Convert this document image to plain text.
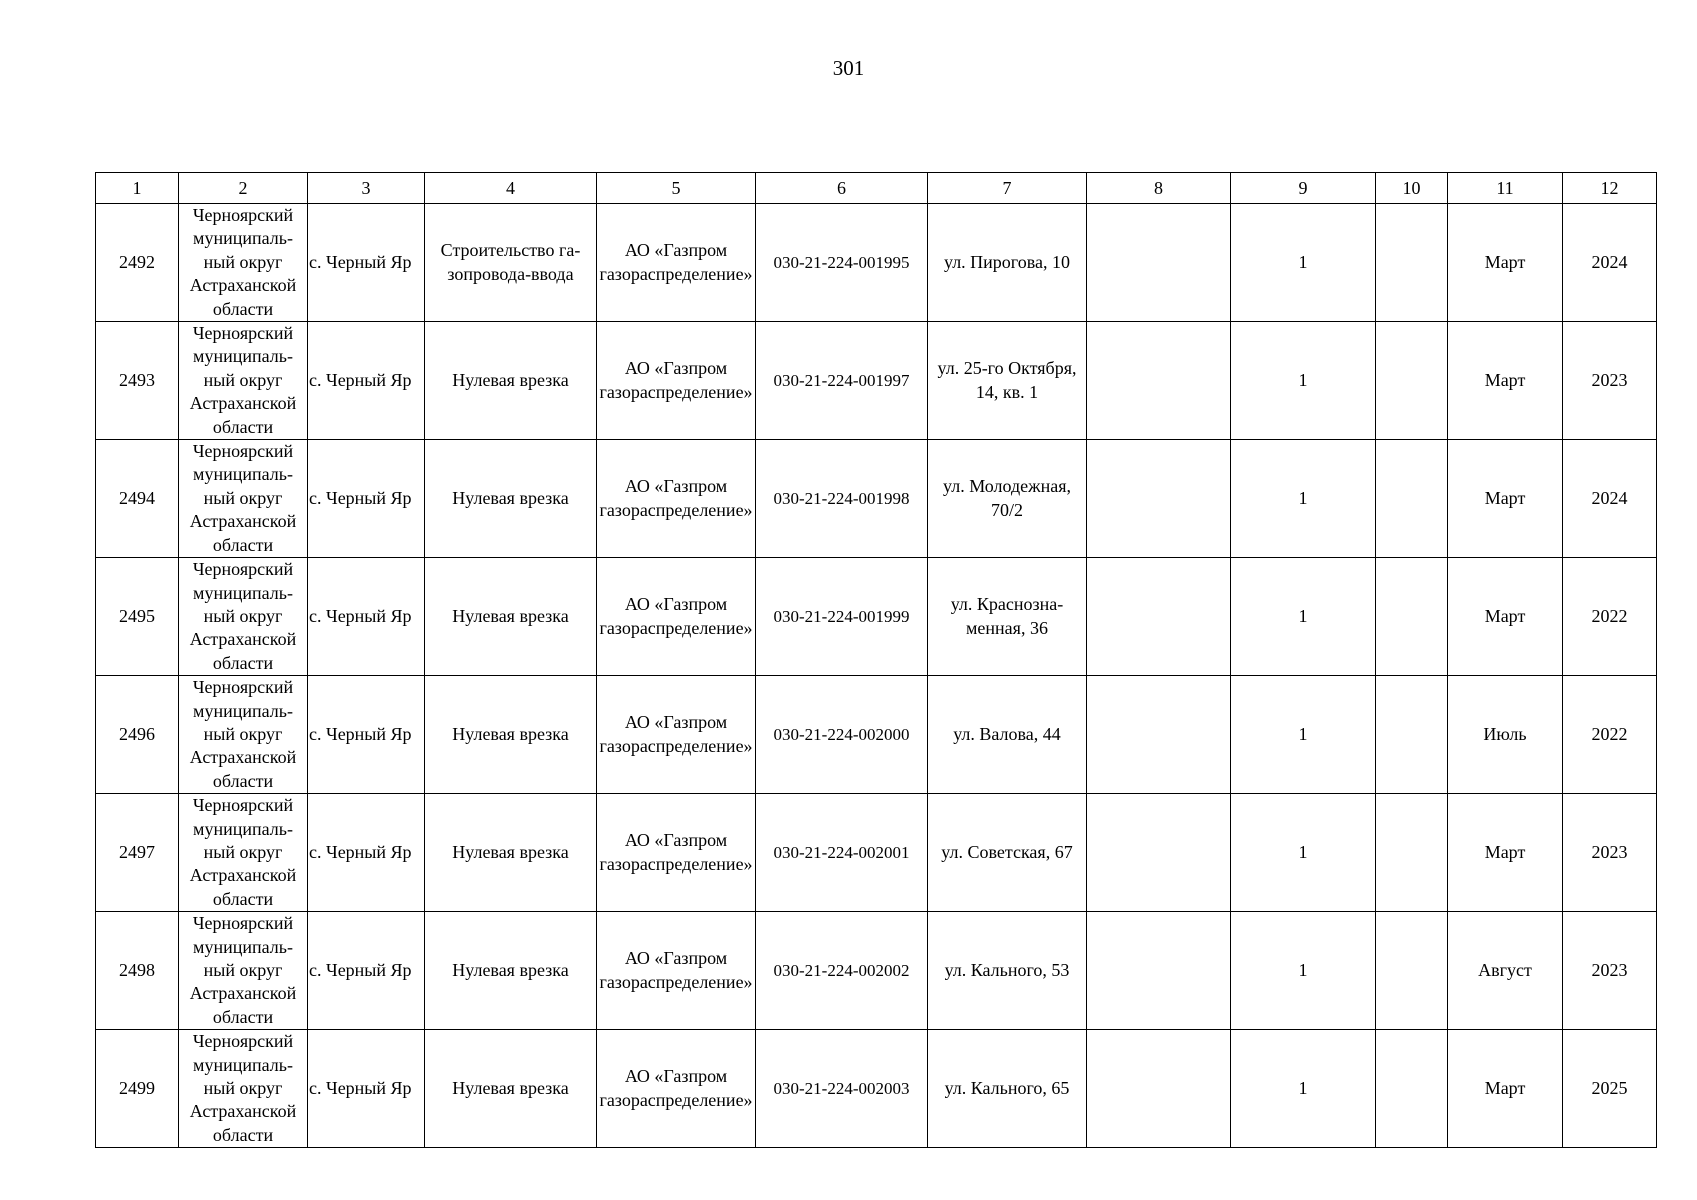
301
1	2	3	4	5	6	7	8	9	10	11	12
2492	Черноярский муниципальный округ Астраханской области	с. Черный Яр	Строительство газопровода-ввода	АО «Газпром газораспределение»	030-21-224-001995	ул. Пирогова, 10		1		Март	2024
2493	Черноярский муниципальный округ Астраханской области	с. Черный Яр	Нулевая врезка	АО «Газпром газораспределение»	030-21-224-001997	ул. 25-го Октября, 14, кв. 1		1		Март	2023
2494	Черноярский муниципальный округ Астраханской области	с. Черный Яр	Нулевая врезка	АО «Газпром газораспределение»	030-21-224-001998	ул. Молодежная, 70/2		1		Март	2024
2495	Черноярский муниципальный округ Астраханской области	с. Черный Яр	Нулевая врезка	АО «Газпром газораспределение»	030-21-224-001999	ул. Краснознаменная, 36		1		Март	2022
2496	Черноярский муниципальный округ Астраханской области	с. Черный Яр	Нулевая врезка	АО «Газпром газораспределение»	030-21-224-002000	ул. Валова, 44		1		Июль	2022
2497	Черноярский муниципальный округ Астраханской области	с. Черный Яр	Нулевая врезка	АО «Газпром газораспределение»	030-21-224-002001	ул. Советская, 67		1		Март	2023
2498	Черноярский муниципальный округ Астраханской области	с. Черный Яр	Нулевая врезка	АО «Газпром газораспределение»	030-21-224-002002	ул. Кального, 53		1		Август	2023
2499	Черноярский муниципальный округ Астраханской области	с. Черный Яр	Нулевая врезка	АО «Газпром газораспределение»	030-21-224-002003	ул. Кального, 65		1		Март	2025
